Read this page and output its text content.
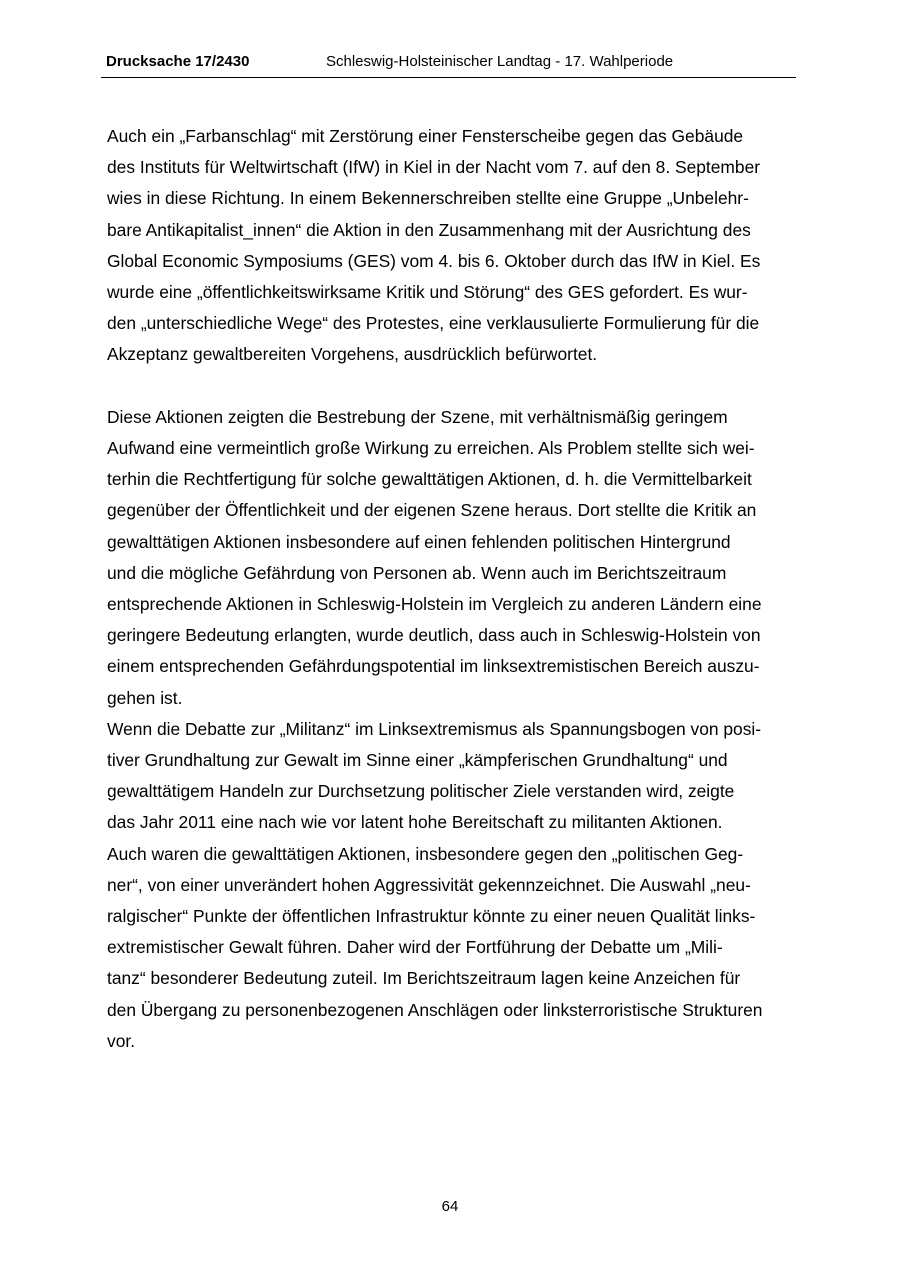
Drucksache 17/2430	Schleswig-Holsteinischer Landtag - 17. Wahlperiode

Auch ein „Farbanschlag“ mit Zerstörung einer Fensterscheibe gegen das Gebäude
des Instituts für Weltwirtschaft (IfW) in Kiel in der Nacht vom 7. auf den 8. September
wies in diese Richtung. In einem Bekennerschreiben stellte eine Gruppe „Unbelehr-
bare Antikapitalist_innen“ die Aktion in den Zusammenhang mit der Ausrichtung des
Global Economic Symposiums (GES) vom 4. bis 6. Oktober durch das IfW in Kiel. Es
wurde eine „öffentlichkeitswirksame Kritik und Störung“ des GES gefordert. Es wur-
den „unterschiedliche Wege“ des Protestes, eine verklausulierte Formulierung für die
Akzeptanz gewaltbereiten Vorgehens, ausdrücklich befürwortet.

Diese Aktionen zeigten die Bestrebung der Szene, mit verhältnismäßig geringem
Aufwand eine vermeintlich große Wirkung zu erreichen. Als Problem stellte sich wei-
terhin die Rechtfertigung für solche gewalttätigen Aktionen, d. h. die Vermittelbarkeit
gegenüber der Öffentlichkeit und der eigenen Szene heraus. Dort stellte die Kritik an
gewalttätigen Aktionen insbesondere auf einen fehlenden politischen Hintergrund
und die mögliche Gefährdung von Personen ab. Wenn auch im Berichtszeitraum
entsprechende Aktionen in Schleswig-Holstein im Vergleich zu anderen Ländern eine
geringere Bedeutung erlangten, wurde deutlich, dass auch in Schleswig-Holstein von
einem entsprechenden Gefährdungspotential im linksextremistischen Bereich auszu-
gehen ist.

Wenn die Debatte zur „Militanz“ im Linksextremismus als Spannungsbogen von posi-
tiver Grundhaltung zur Gewalt im Sinne einer „kämpferischen Grundhaltung“ und
gewalttätigem Handeln zur Durchsetzung politischer Ziele verstanden wird, zeigte
das Jahr 2011 eine nach wie vor latent hohe Bereitschaft zu militanten Aktionen.
Auch waren die gewalttätigen Aktionen, insbesondere gegen den „politischen Geg-
ner“, von einer unverändert hohen Aggressivität gekennzeichnet. Die Auswahl „neu-
ralgischer“ Punkte der öffentlichen Infrastruktur könnte zu einer neuen Qualität links-
extremistischer Gewalt führen. Daher wird der Fortführung der Debatte um „Mili-
tanz“ besonderer Bedeutung zuteil. Im Berichtszeitraum lagen keine Anzeichen für
den Übergang zu personenbezogenen Anschlägen oder linksterroristische Strukturen
vor.

64
